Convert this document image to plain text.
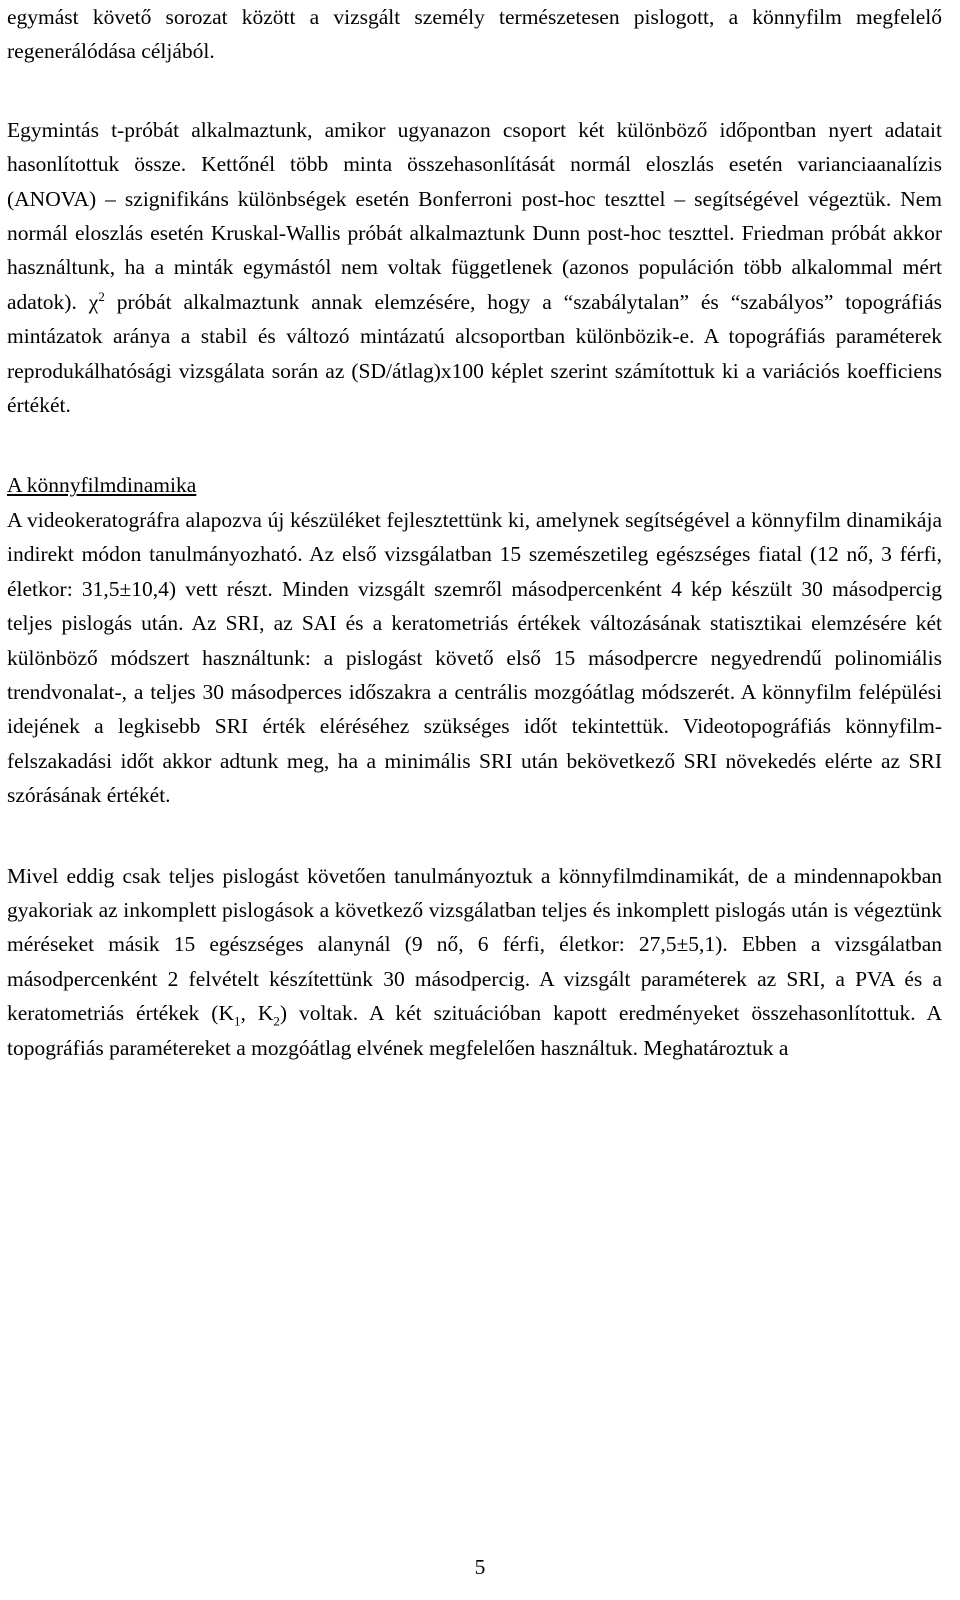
egymást követő sorozat között a vizsgált személy természetesen pislogott, a könnyfilm megfelelő regenerálódása céljából.

Egymintás t-próbát alkalmaztunk, amikor ugyanazon csoport két különböző időpontban nyert adatait hasonlítottuk össze. Kettőnél több minta összehasonlítását normál eloszlás esetén varianciaanalízis (ANOVA) – szignifikáns különbségek esetén Bonferroni post-hoc teszttel – segítségével végeztük. Nem normál eloszlás esetén Kruskal-Wallis próbát alkalmaztunk Dunn post-hoc teszttel. Friedman próbát akkor használtunk, ha a minták egymástól nem voltak függetlenek (azonos populáción több alkalommal mért adatok). $\chi^2$ próbát alkalmaztunk annak elemzésére, hogy a “szabálytalan” és “szabályos” topográfiás mintázatok aránya a stabil és változó mintázatú alcsoportban különbözik-e. A topográfiás paraméterek reprodukálhatósági vizsgálata során az (SD/átlag)x100 képlet szerint számítottuk ki a variációs koefficiens értékét.

A könnyfilmdinamika

A videokeratográfra alapozva új készüléket fejlesztettünk ki, amelynek segítségével a könnyfilm dinamikája indirekt módon tanulmányozható. Az első vizsgálatban 15 szemészetileg egészséges fiatal (12 nő, 3 férfi, életkor: 31,5±10,4) vett részt. Minden vizsgált szemről másodpercenként 4 kép készült 30 másodpercig teljes pislogás után. Az SRI, az SAI és a keratometriás értékek változásának statisztikai elemzésére két különböző módszert használtunk: a pislogást követő első 15 másodpercre negyedrendű polinomiális trendvonalat-, a teljes 30 másodperces időszakra a centrális mozgóátlag módszerét. A könnyfilm felépülési idejének a legkisebb SRI érték eléréséhez szükséges időt tekintettük. Videotopográfiás könnyfilm-felszakadási időt akkor adtunk meg, ha a minimális SRI után bekövetkező SRI növekedés elérte az SRI szórásának értékét.

Mivel eddig csak teljes pislogást követően tanulmányoztuk a könnyfilmdinamikát, de a mindennapokban gyakoriak az inkomplett pislogások a következő vizsgálatban teljes és inkomplett pislogás után is végeztünk méréseket másik 15 egészséges alanynál (9 nő, 6 férfi, életkor: 27,5±5,1). Ebben a vizsgálatban másodpercenként 2 felvételt készítettünk 30 másodpercig. A vizsgált paraméterek az SRI, a PVA és a keratometriás értékek ($K_1$, $K_2$) voltak. A két szituációban kapott eredményeket összehasonlítottuk. A topográfiás paramétereket a mozgóátlag elvének megfelelően használtuk. Meghatároztuk a

5
